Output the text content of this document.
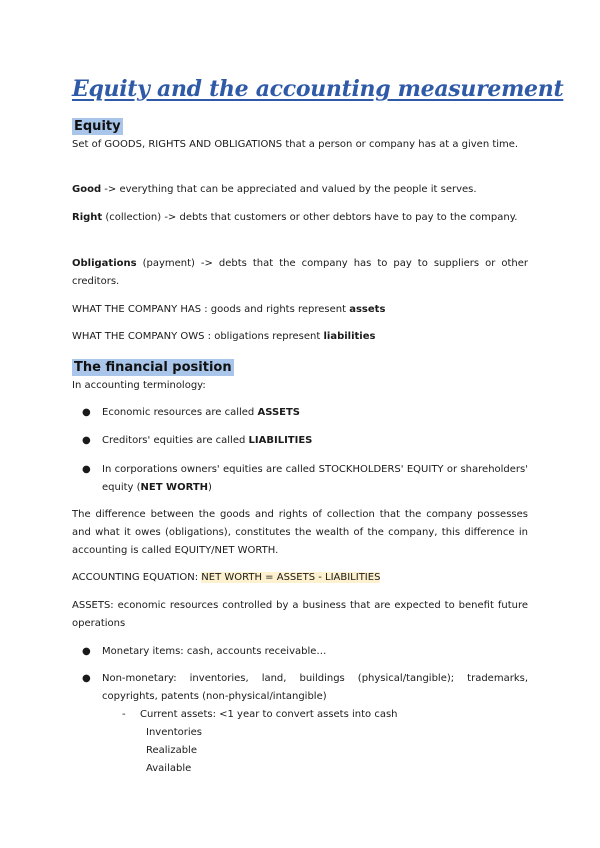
Equity and the accounting measurement

Equity

Set of GOODS, RIGHTS AND OBLIGATIONS that a person or company has at a given time.

Good -> everything that can be appreciated and valued by the people it serves.

Right (collection) -> debts that customers or other debtors have to pay to the company.

Obligations (payment) -> debts that the company has to pay to suppliers or other creditors.

WHAT THE COMPANY HAS : goods and rights represent assets

WHAT THE COMPANY OWS : obligations represent liabilities

The financial position

In accounting terminology:

● Economic resources are called ASSETS
● Creditors' equities are called LIABILITIES
● In corporations owners' equities are called STOCKHOLDERS' EQUITY or shareholders' equity (NET WORTH)

The difference between the goods and rights of collection that the company possesses and what it owes (obligations), constitutes the wealth of the company, this difference in accounting is called EQUITY/NET WORTH.

ACCOUNTING EQUATION: NET WORTH = ASSETS - LIABILITIES

ASSETS: economic resources controlled by a business that are expected to benefit future operations

● Monetary items: cash, accounts receivable…
● Non-monetary: inventories, land, buildings (physical/tangible); trademarks, copyrights, patents (non-physical/intangible)

- Current assets: <1 year to convert assets into cash

Inventories

Realizable

Available
